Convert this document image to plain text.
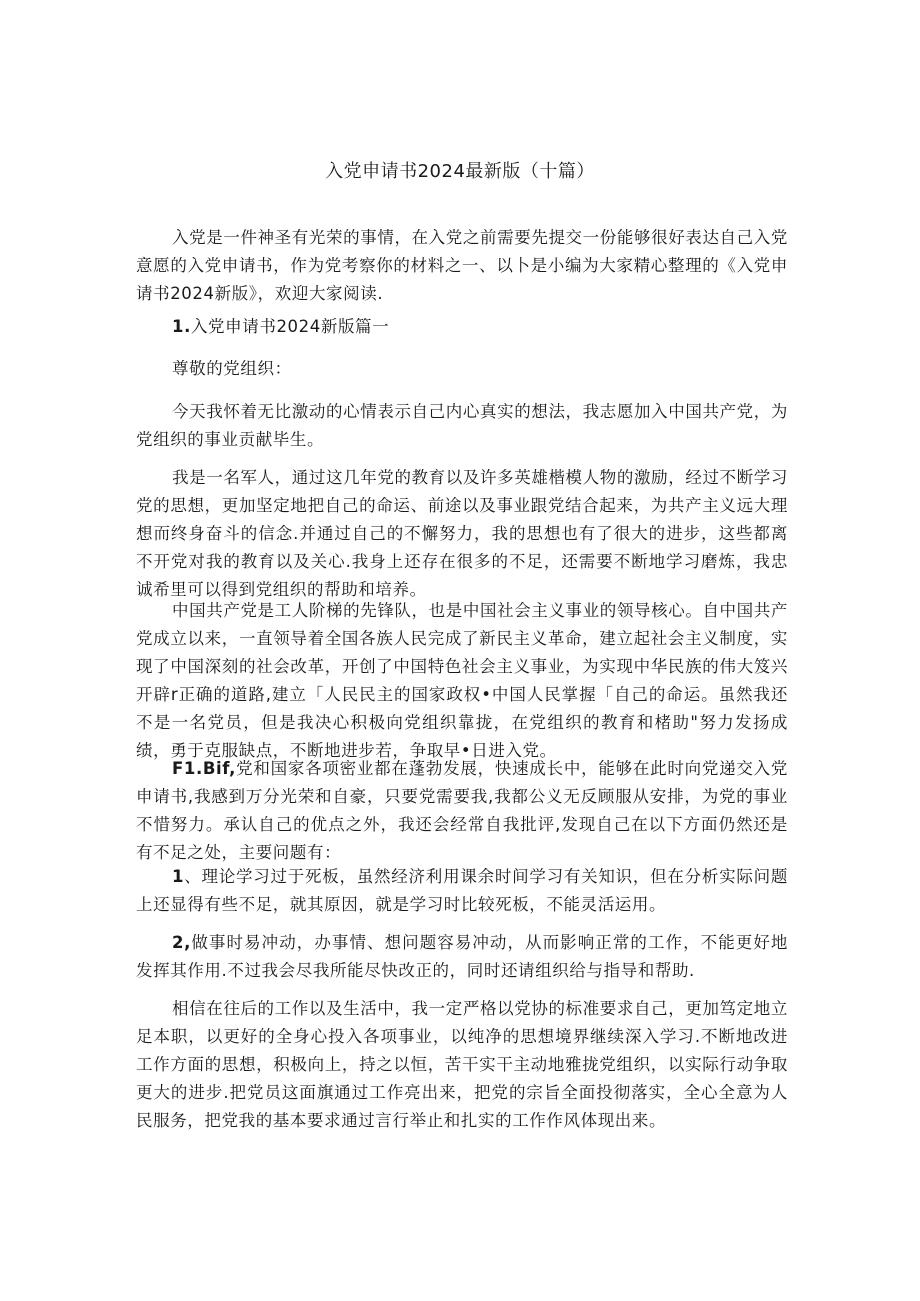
入党申请书2024最新版（十篇）

入党是一件神圣有光荣的事情，在入党之前需要先提交一份能够很好表达自己入党意愿的入党申请书，作为党考察你的材料之一、以卜是小编为大家精心整理的《入党申请书2024新版》，欢迎大家阅读.

1.入党申请书2024新版篇一

尊敬的党组织：

今天我怀着无比激动的心情表示自己内心真实的想法，我志愿加入中国共产党，为党组织的事业贡献毕生。

我是一名军人，通过这几年党的教育以及许多英雄楷模人物的激励，经过不断学习党的思想，更加坚定地把自己的命运、前途以及事业跟党结合起来，为共产主义远大理想而终身奋斗的信念.并通过自己的不懈努力，我的思想也有了很大的进步，这些都离不开党对我的教育以及关心.我身上还存在很多的不足，还需要不断地学习磨炼，我忠诚希里可以得到党组织的帮助和培养。

中国共产党是工人阶梯的先锋队，也是中国社会主义事业的领导核心。自中国共产党成立以来，一直领导着全国各族人民完成了新民主义革命，建立起社会主义制度，实现了中国深刻的社会改革，开创了中国特色社会主义事业，为实现中华民族的伟大笈兴开辟r正确的道路,建立「人民民主的国家政权•中国人民掌握「自己的命运。虽然我还不是一名党员，但是我决心积极向党组织靠拢，在党组织的教育和楮助"努力发扬成绩，勇于克服缺点，不断地进步若，争取早•日进入党。

F1.Bif,党和国家各项密业都在蓬勃发展，快速成长中，能够在此时向党递交入党申请书,我感到万分光荣和自豪，只要党需要我,我都公义无反顾服从安排，为党的事业不惜努力。承认自己的优点之外，我还会经常自我批评,发现自己在以下方面仍然还是有不足之处，主要问题有：

1、理论学习过于死板，虽然经济利用课余时间学习有关知识，但在分析实际问题上还显得有些不足，就其原因，就是学习时比较死板，不能灵活运用。

2,做事时易冲动，办事情、想问题容易冲动，从而影响正常的工作，不能更好地发挥其作用.不过我会尽我所能尽快改正的，同时还请组织给与指导和帮助.

相信在往后的工作以及生活中，我一定严格以党协的标准要求自己，更加笃定地立足本职，以更好的全身心投入各项事业，以纯净的思想境界继续深入学习.不断地改进工作方面的思想，积极向上，持之以恒，苦干实干主动地雅拢党组织，以实际行动争取更大的进步.把党员这面旗通过工作亮出来，把党的宗旨全面投彻落实，全心全意为人民服务，把党我的基本要求通过言行举止和扎实的工作作风体现出来。
